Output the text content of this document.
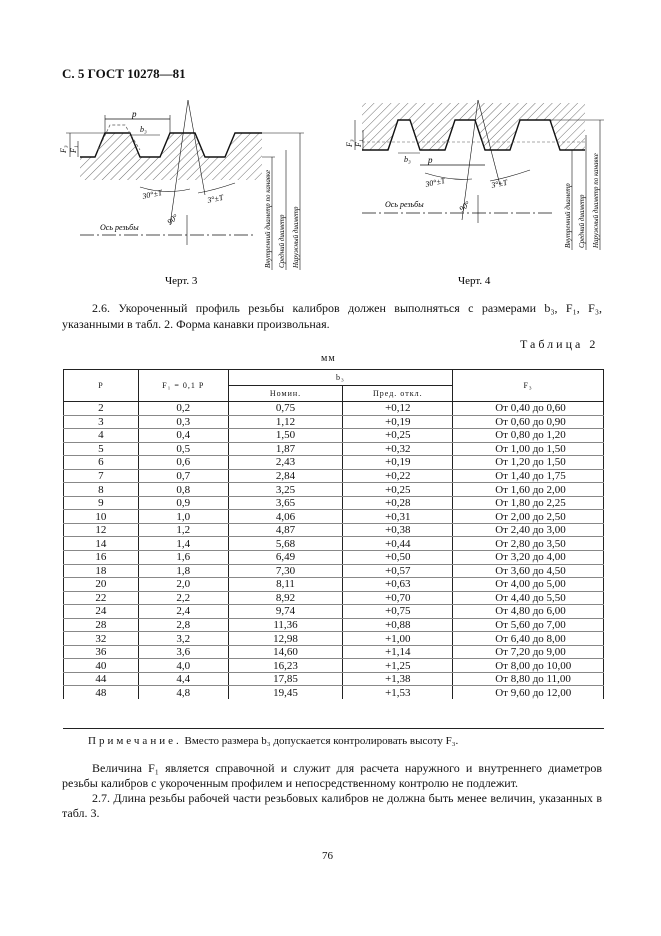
С. 5 ГОСТ 10278—81
p
b₃
F₃ F₁
30°±T	3°±T
90°
Ось резьбы	Внутренний диаметр по канавке Средний диаметр Наружный диаметр
Черт. 3
b₃ p
F₃ F₁
30°±T	3°±T
90°
Ось резьбы	Внутренний диаметр Средний диаметр Наружный диаметр по канавке
Черт. 4
2.6. Укороченный профиль резьбы калибров должен выполняться с размерами b₃, F₁, F₃, указанными в табл. 2. Форма канавки произвольная.
Таблица 2
мм
P	F₁ = 0,1 P	b₃		F₃
		Номин.	Пред. откл.	
2	0,2	0,75	+0,12	От 0,40 до 0,60
3	0,3	1,12	+0,19	От 0,60 до 0,90
4	0,4	1,50	+0,25	От 0,80 до 1,20
5	0,5	1,87	+0,32	От 1,00 до 1,50
6	0,6	2,43	+0,19	От 1,20 до 1,50
7	0,7	2,84	+0,22	От 1,40 до 1,75
8	0,8	3,25	+0,25	От 1,60 до 2,00
9	0,9	3,65	+0,28	От 1,80 до 2,25
10	1,0	4,06	+0,31	От 2,00 до 2,50
12	1,2	4,87	+0,38	От 2,40 до 3,00
14	1,4	5,68	+0,44	От 2,80 до 3,50
16	1,6	6,49	+0,50	От 3,20 до 4,00
18	1,8	7,30	+0,57	От 3,60 до 4,50
20	2,0	8,11	+0,63	От 4,00 до 5,00
22	2,2	8,92	+0,70	От 4,40 до 5,50
24	2,4	9,74	+0,75	От 4,80 до 6,00
28	2,8	11,36	+0,88	От 5,60 до 7,00
32	3,2	12,98	+1,00	От 6,40 до 8,00
36	3,6	14,60	+1,14	От 7,20 до 9,00
40	4,0	16,23	+1,25	От 8,00 до 10,00
44	4,4	17,85	+1,38	От 8,80 до 11,00
48	4,8	19,45	+1,53	От 9,60 до 12,00
Примечание. Вместо размера b₃ допускается контролировать высоту F₃.
Величина F₁ является справочной и служит для расчета наружного и внутреннего диаметров резьбы калибров с укороченным профилем и непосредственному контролю не подлежит.
2.7. Длина резьбы рабочей части резьбовых калибров не должна быть менее величин, указанных в табл. 3.
76
